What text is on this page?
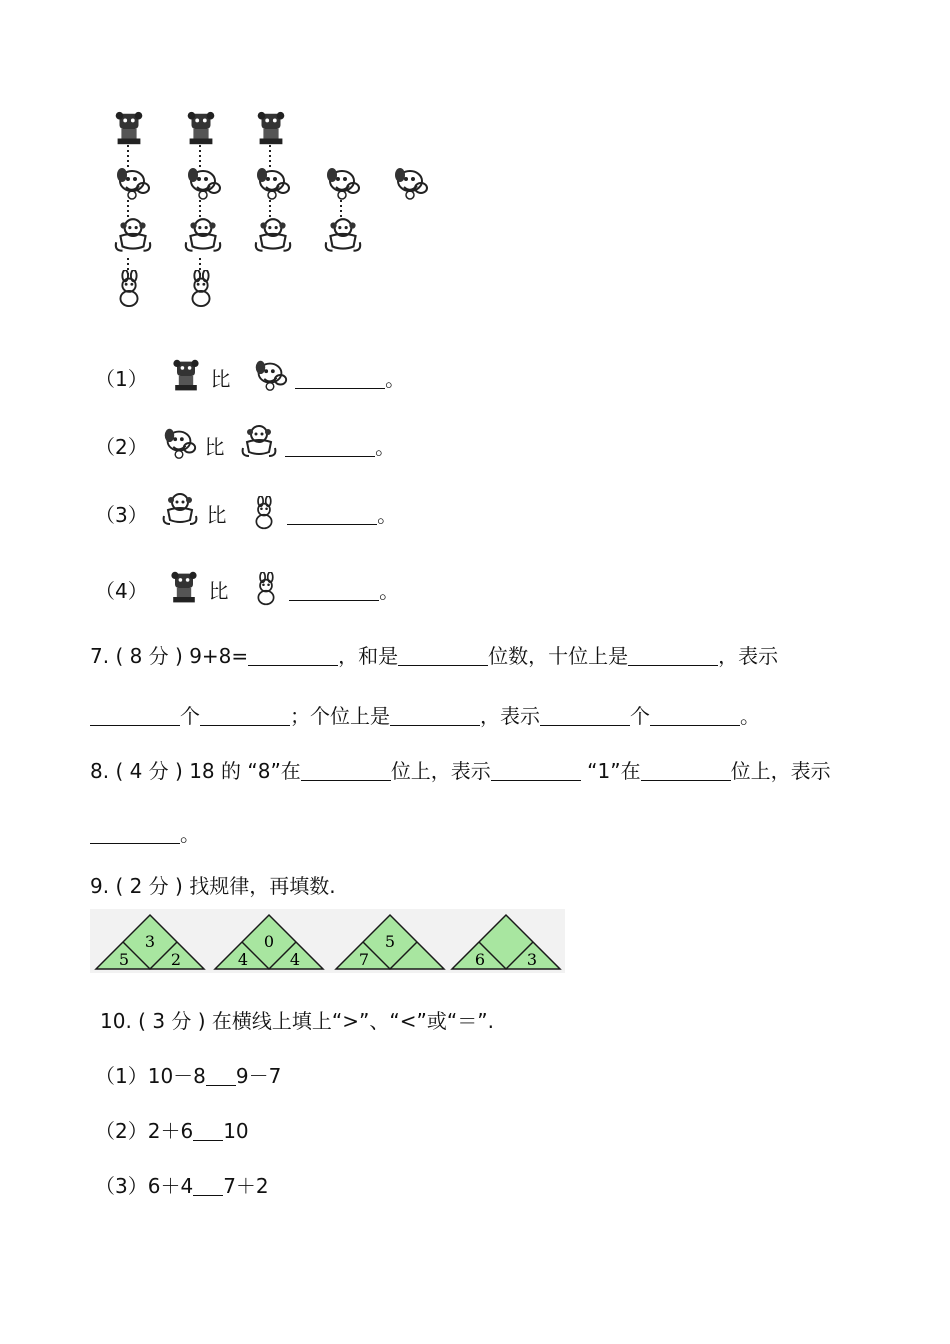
（1）	比	。
（2）	比	。
（3）	比	。
（4）	比	。
7. ( 8 分 ) 9+8=	，和是	位数，十位上是	，表示
个	；个位上是	，表示	个	。
8. ( 4 分 ) 18 的 “8”在	位上，表示	“1”在	位上，表示
。
9. ( 2 分 ) 找规律，再填数.
3
5	2
0
4	4
5
7	6	3
10. ( 3 分 ) 在横线上填上“>”、“<”或“＝”.
（1）10－8 9－7
（2）2＋6 10
（3）6＋4 7＋2
